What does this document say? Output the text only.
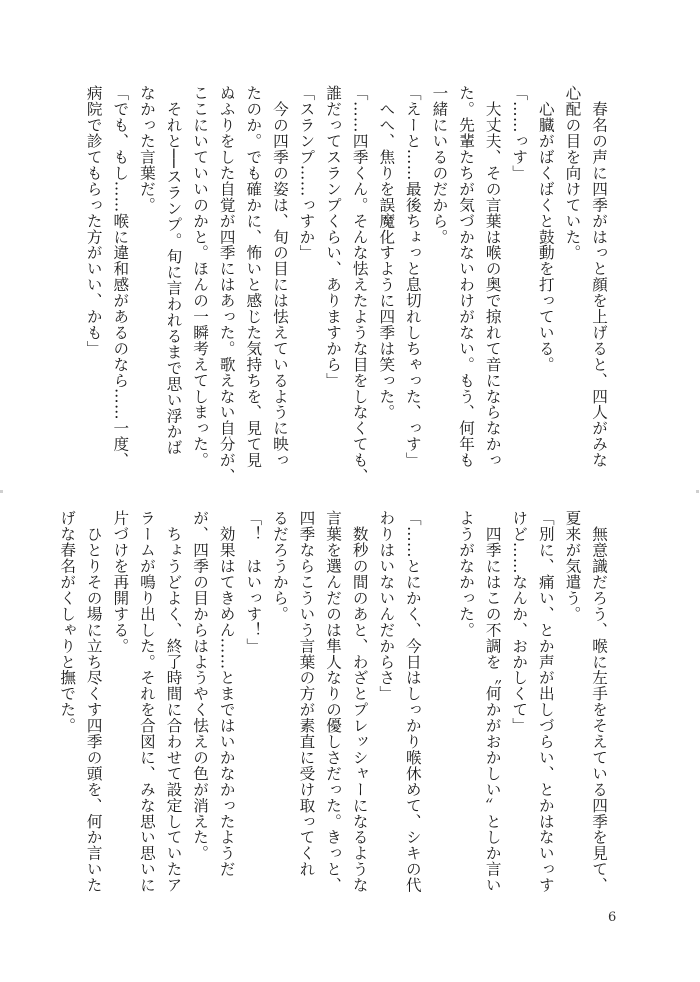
　春名の声に四季がはっと顔を上げると、四人がみな
心配の目を向けていた。
　心臓がばくばくと鼓動を打っている。
「……っす」
　大丈夫、その言葉は喉の奥で掠れて音にならなかっ
た。先輩たちが気づかないわけがない。もう、何年も
一緒にいるのだから。
「えーと……最後ちょっと息切れしちゃった、っす」
　へへ、焦りを誤魔化すように四季は笑った。
「……四季くん。そんな怯えたような目をしなくても、
誰だってスランプくらい、ありますから」
「スランプ……っすか」
　今の四季の姿は、旬の目には怯えているように映っ
たのか。でも確かに、怖いと感じた気持ちを、見て見
ぬふりをした自覚が四季にはあった。歌えない自分が、
ここにいていいのかと。ほんの一瞬考えてしまった。
　それと──スランプ。旬に言われるまで思い浮かば
なかった言葉だ。
「でも、もし……喉に違和感があるのなら……一度、
病院で診てもらった方がいい、かも」
　無意識だろう、喉に左手をそえている四季を見て、
夏来が気遣う。
「別に、痛い、とか声が出しづらい、とかはないっす
けど……なんか、おかしくて」
　四季にはこの不調を〝何かがおかしい〟としか言い
ようがなかった。

「……とにかく、今日はしっかり喉休めて、シキの代
わりはいないんだからさ」
　数秒の間のあと、わざとプレッシャーになるような
言葉を選んだのは隼人なりの優しさだった。きっと、
四季ならこういう言葉の方が素直に受け取ってくれ
るだろうから。
「！　はいっす！」
　効果はてきめん……とまではいかなかったようだ
が、四季の目からはようやく怯えの色が消えた。
　ちょうどよく、終了時間に合わせて設定していたア
ラームが鳴り出した。それを合図に、みな思い思いに
片づけを再開する。
　ひとりその場に立ち尽くす四季の頭を、何か言いた
げな春名がくしゃりと撫でた。
6
